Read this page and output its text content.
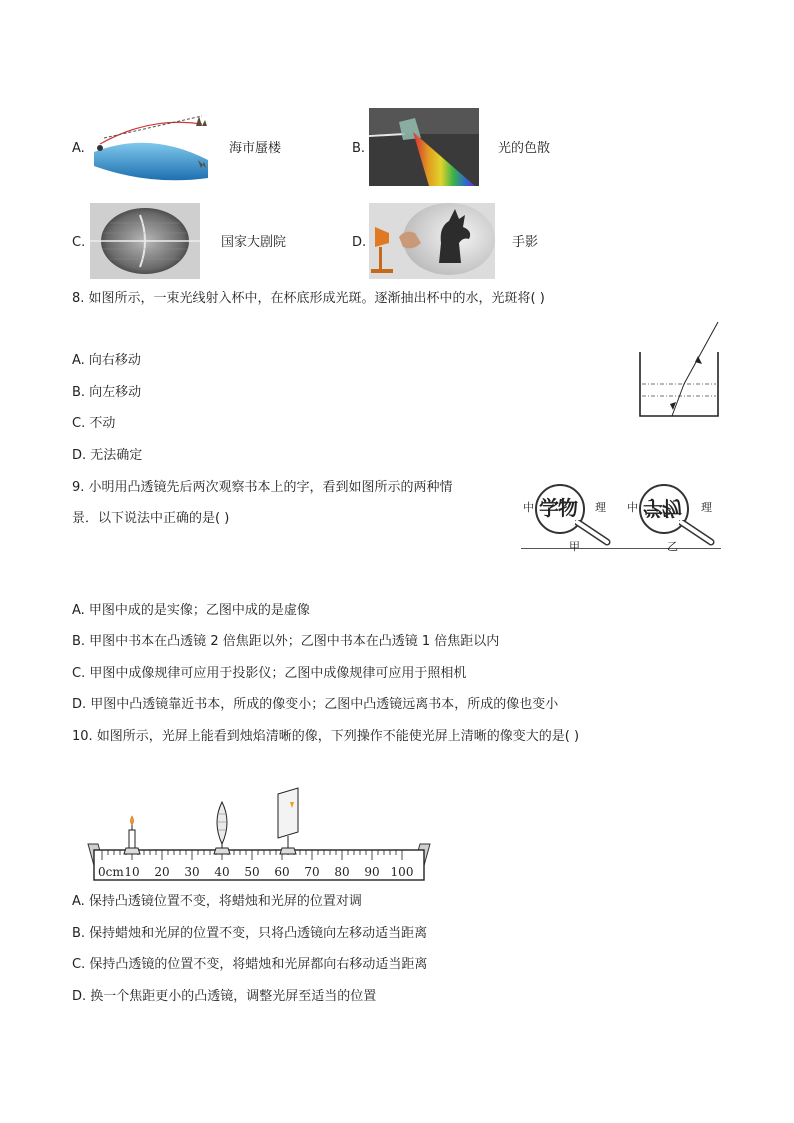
A.	海市蜃楼	B.	光的色散
C.	国家大剧院	D.	手影
8. 如图所示，一束光线射入杯中，在杯底形成光斑。逐渐抽出杯中的水，光斑将( )
A. 向右移动
B. 向左移动
C. 不动
D. 无法确定
9. 小明用凸透镜先后两次观察书本上的字，看到如图所示的两种情
景．以下说法中正确的是( )
中 学物 理
甲
中 学物 理
乙
A. 甲图中成的是实像；乙图中成的是虚像
B. 甲图中书本在凸透镜 2 倍焦距以外；乙图中书本在凸透镜 1 倍焦距以内
C. 甲图中成像规律可应用于投影仪；乙图中成像规律可应用于照相机
D. 甲图中凸透镜靠近书本，所成的像变小；乙图中凸透镜远离书本，所成的像也变小
10. 如图所示，光屏上能看到烛焰清晰的像，下列操作不能使光屏上清晰的像变大的是( )
0cm 10 20 30 40 50 60 70 80 90 100
A. 保持凸透镜位置不变，将蜡烛和光屏的位置对调
B. 保持蜡烛和光屏的位置不变，只将凸透镜向左移动适当距离
C. 保持凸透镜的位置不变，将蜡烛和光屏都向右移动适当距离
D. 换一个焦距更小的凸透镜，调整光屏至适当的位置
